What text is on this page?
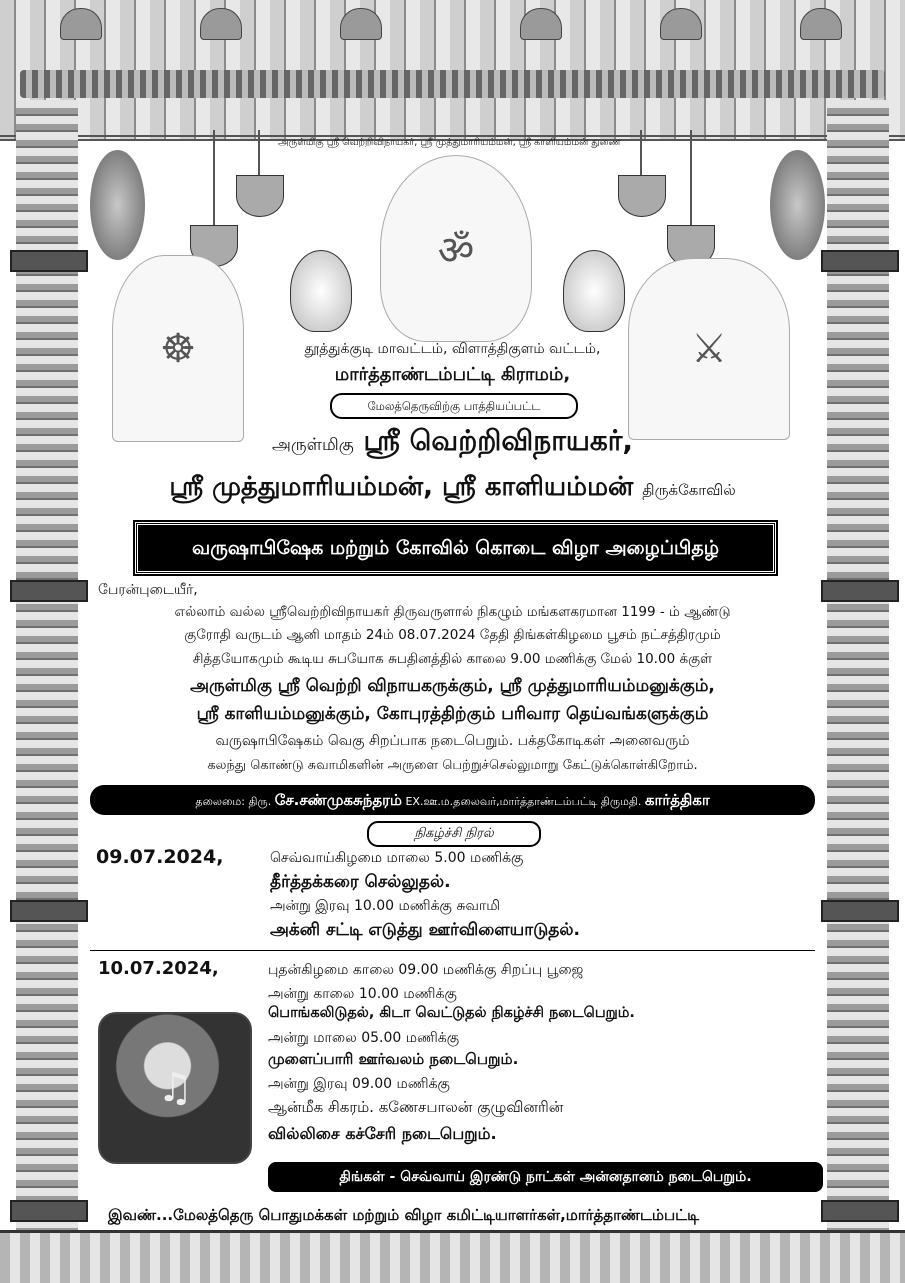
☸
ॐ
⚔
அருள்மிகு ஸ்ரீ வெற்றிவிநாயகர், ஸ்ரீ முத்துமாரியம்மன், ஸ்ரீ காளியம்மன் துணை
தூத்துக்குடி மாவட்டம், விளாத்திகுளம் வட்டம்,
மார்த்தாண்டம்பட்டி கிராமம்,
மேலத்தெருவிற்கு பாத்தியப்பட்ட
அருள்மிகு ஸ்ரீ வெற்றிவிநாயகர்,
ஸ்ரீ முத்துமாரியம்மன், ஸ்ரீ காளியம்மன் திருக்கோவில்
வருஷாபிஷேக மற்றும் கோவில் கொடை விழா அழைப்பிதழ்
பேரன்புடையீர்,
எல்லாம் வல்ல ஸ்ரீவெற்றிவிநாயகர் திருவருளால் நிகழும் மங்களகரமான 1199 - ம் ஆண்டு
குரோதி வருடம் ஆனி மாதம் 24ம் 08.07.2024 தேதி திங்கள்கிழமை பூசம் நட்சத்திரமும்
சித்தயோகமும் கூடிய சுபயோக சுபதினத்தில் காலை 9.00 மணிக்கு மேல் 10.00 க்குள்
அருள்மிகு ஸ்ரீ வெற்றி விநாயகருக்கும், ஸ்ரீ முத்துமாரியம்மனுக்கும்,
ஸ்ரீ காளியம்மனுக்கும், கோபுரத்திற்கும் பரிவார தெய்வங்களுக்கும்
வருஷாபிஷேகம் வெகு சிறப்பாக நடைபெறும். பக்தகோடிகள் அனைவரும்
கலந்து கொண்டு சுவாமிகளின் அருளை பெற்றுச்செல்லுமாறு கேட்டுக்கொள்கிறோம்.
தலைமை: திரு. சே.சண்முகசுந்தரம் EX.ஊ.ம.தலைவர்,மார்த்தாண்டம்பட்டி திருமதி. கார்த்திகா
நிகழ்ச்சி நிரல்
09.07.2024,	செவ்வாய்கிழமை மாலை 5.00 மணிக்கு
தீர்த்தக்கரை செல்லுதல்.
அன்று இரவு 10.00 மணிக்கு சுவாமி
அக்னி சட்டி எடுத்து ஊர்விளையாடுதல்.
10.07.2024,	புதன்கிழமை காலை 09.00 மணிக்கு சிறப்பு பூஜை
அன்று காலை 10.00 மணிக்கு
பொங்கலிடுதல், கிடா வெட்டுதல் நிகழ்ச்சி நடைபெறும்.
அன்று மாலை 05.00 மணிக்கு
முளைப்பாரி ஊர்வலம் நடைபெறும்.
அன்று இரவு 09.00 மணிக்கு
ஆன்மீக சிகரம். கணேசபாலன் குழுவினரின்
வில்லிசை கச்சேரி நடைபெறும்.
♫
திங்கள் - செவ்வாய் இரண்டு நாட்கள் அன்னதானம் நடைபெறும்.
இவண்...மேலத்தெரு பொதுமக்கள் மற்றும் விழா கமிட்டியாளர்கள்,மார்த்தாண்டம்பட்டி
